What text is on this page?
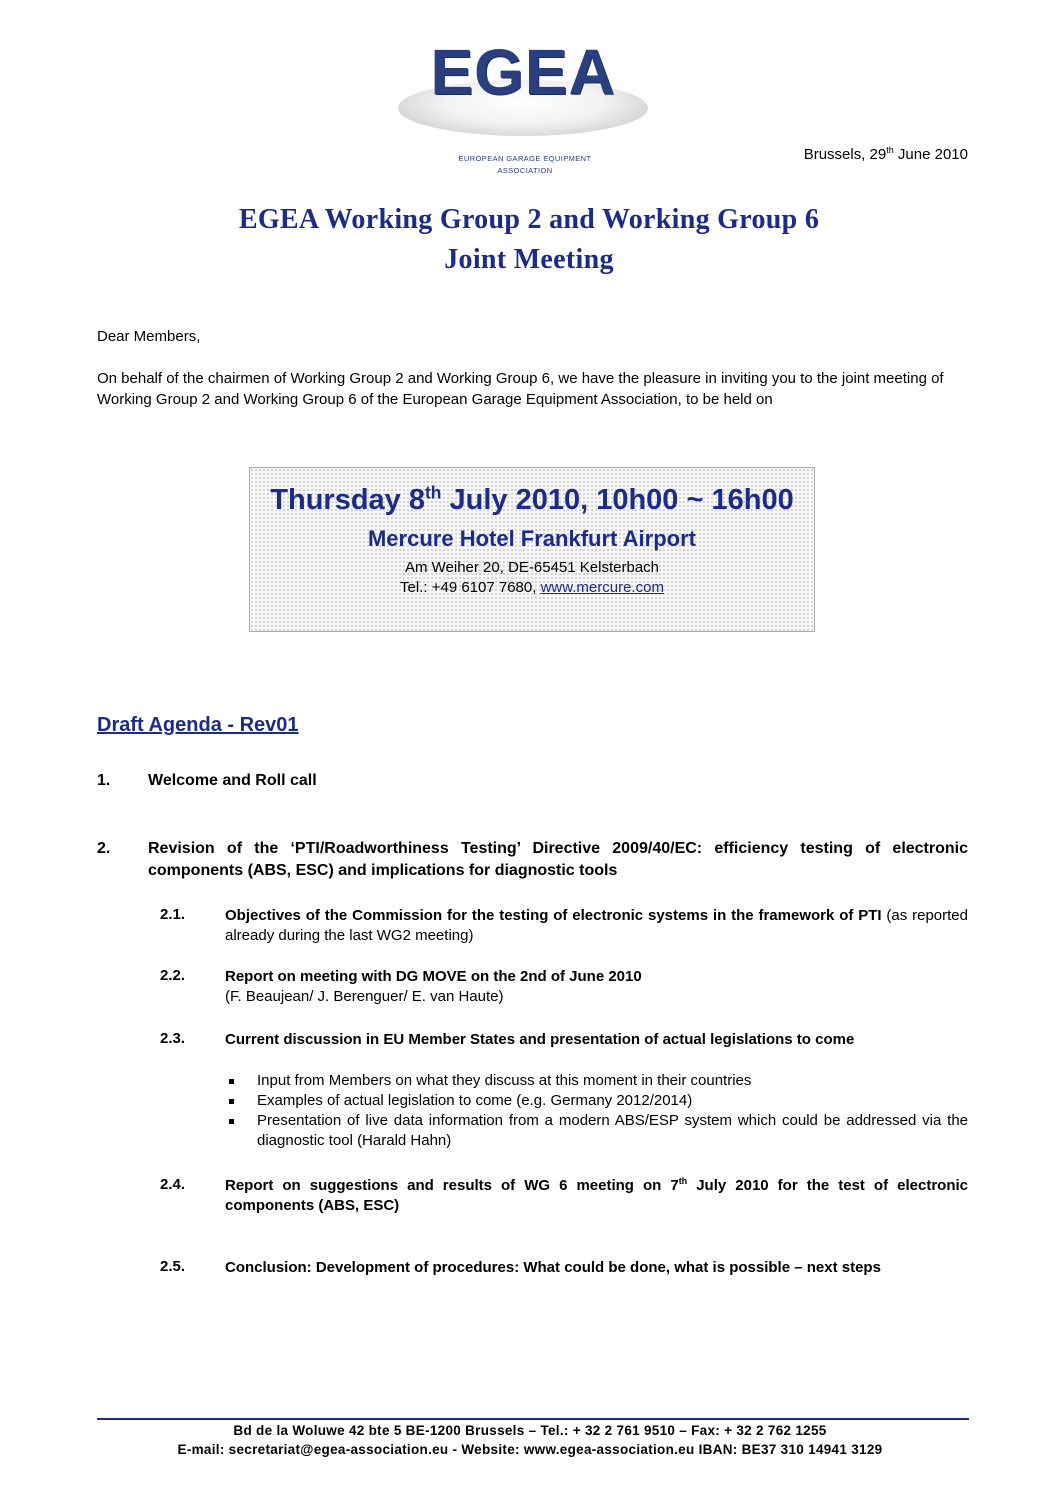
EGEA
EUROPEAN GARAGE EQUIPMENT ASSOCIATION
Brussels, 29th June 2010
EGEA Working Group 2 and Working Group 6
Joint Meeting
Dear Members,
On behalf of the chairmen of Working Group 2 and Working Group 6, we have the pleasure in inviting you to the joint meeting of Working Group 2 and Working Group 6 of the European Garage Equipment Association, to be held on
Thursday 8th July 2010, 10h00 ~ 16h00
Mercure Hotel Frankfurt Airport
Am Weiher 20, DE-65451 Kelsterbach
Tel.: +49 6107 7680, www.mercure.com
Draft Agenda - Rev01
1. Welcome and Roll call
2. Revision of the ‘PTI/Roadworthiness Testing’ Directive 2009/40/EC: efficiency testing of electronic components (ABS, ESC) and implications for diagnostic tools
2.1.	Objectives of the Commission for the testing of electronic systems in the framework of PTI (as reported already during the last WG2 meeting)
2.2.	Report on meeting with DG MOVE on the 2nd of June 2010
(F. Beaujean/ J. Berenguer/ E. van Haute)
2.3.	Current discussion in EU Member States and presentation of actual legislations to come
Input from Members on what they discuss at this moment in their countries
Examples of actual legislation to come (e.g. Germany 2012/2014)
Presentation of live data information from a modern ABS/ESP system which could be addressed via the diagnostic tool (Harald Hahn)
2.4.	Report on suggestions and results of WG 6 meeting on 7th July 2010 for the test of electronic components (ABS, ESC)
2.5.	Conclusion: Development of procedures: What could be done, what is possible – next steps
Bd de la Woluwe 42 bte 5 BE-1200 Brussels – Tel.: + 32 2 761 9510 – Fax: + 32 2 762 1255
E-mail: secretariat@egea-association.eu - Website: www.egea-association.eu IBAN: BE37 310 14941 3129
